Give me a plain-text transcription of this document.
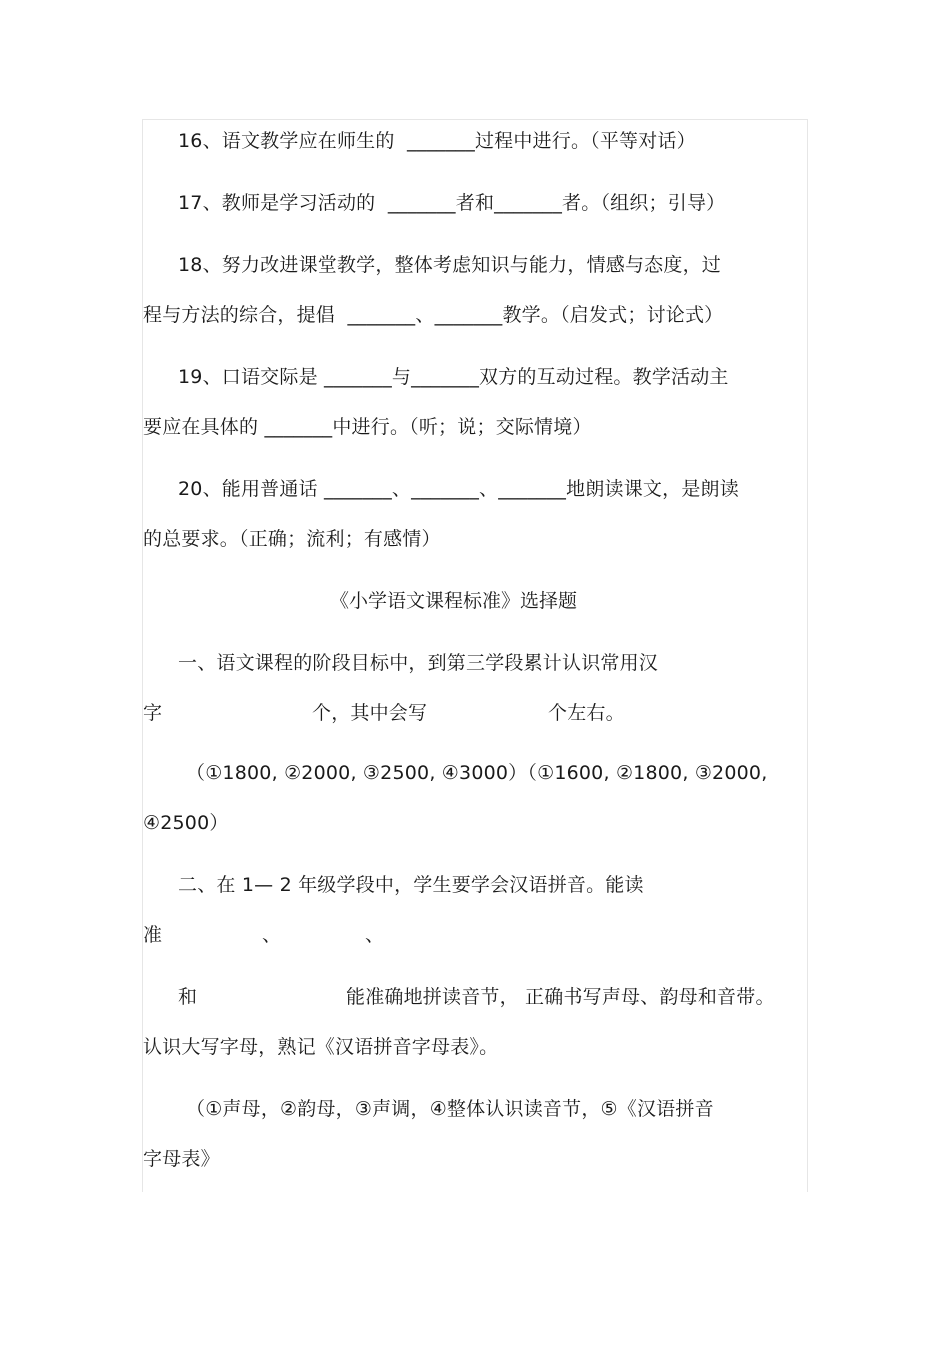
16、语文教学应在师生的  _______过程中进行。（平等对话）
17、教师是学习活动的  _______者和_______者。（组织；引导）
18、努力改进课堂教学，整体考虑知识与能力，情感与态度，过
程与方法的综合，提倡  _______、_______教学。（启发式；讨论式）
19、口语交际是 _______与_______双方的互动过程。教学活动主
要应在具体的 _______中进行。（听；说；交际情境）
20、能用普通话 _______、_______、_______地朗读课文，是朗读
的总要求。（正确；流利；有感情）
《小学语文课程标准》选择题
一、语文课程的阶段目标中，到第三学段累计认识常用汉
字	个，其中会写	个左右。
（①1800, ②2000, ③2500, ④3000）（①1600, ②1800, ③2000,
④2500）
二、在 1— 2 年级学段中，学生要学会汉语拼音。能读
准	、	、
和	能准确地拼读音节， 正确书写声母、韵母和音带。
认识大写字母，熟记《汉语拼音字母表》。
（①声母，②韵母，③声调，④整体认识读音节，⑤《汉语拼音
字母表》
